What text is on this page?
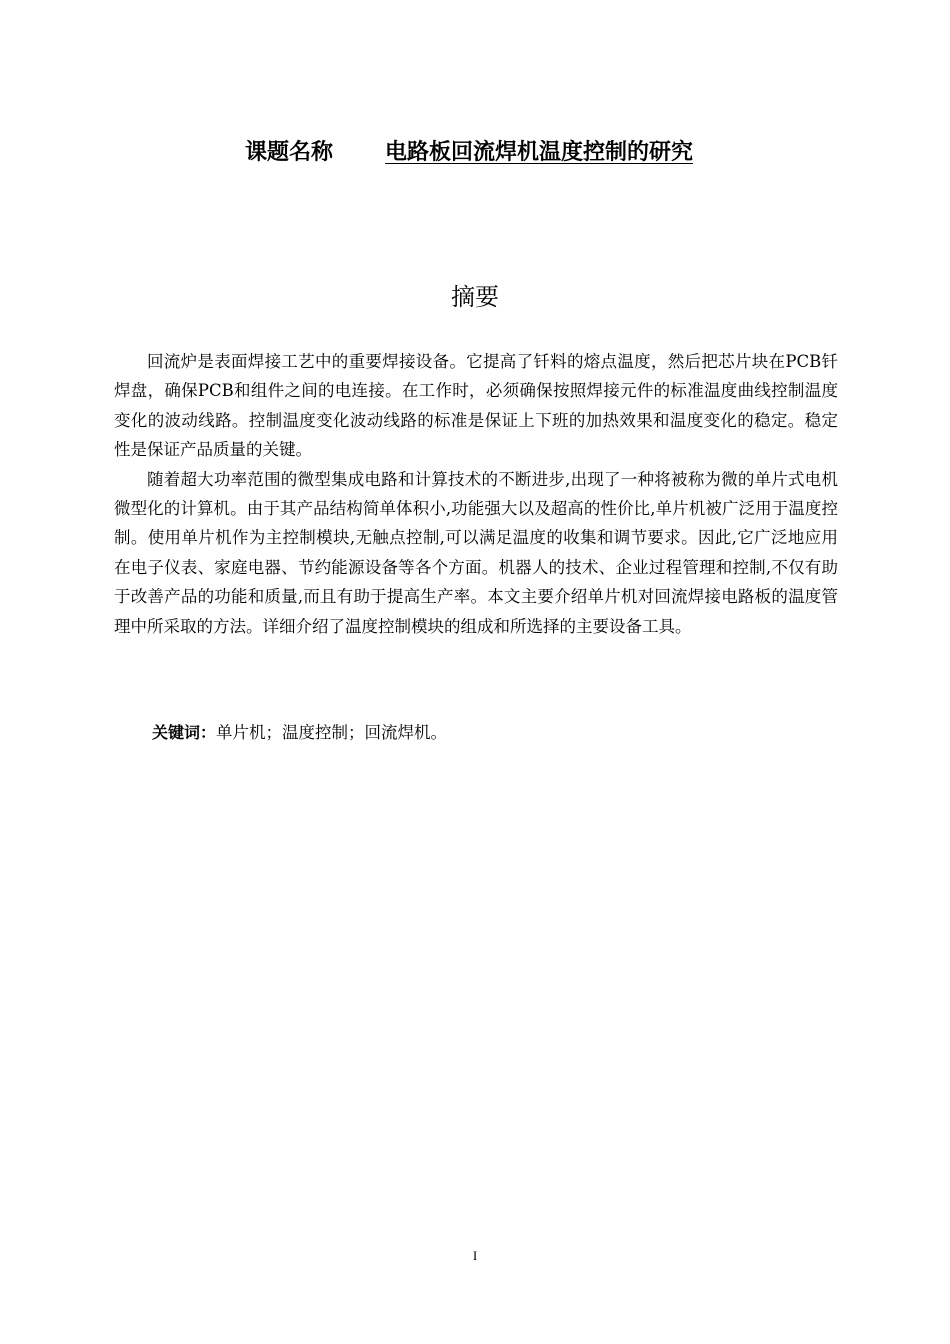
课题名称 电路板回流焊机温度控制的研究
摘要

回流炉是表面焊接工艺中的重要焊接设备。它提高了钎料的熔点温度，然后把芯片块在PCB钎焊盘，确保PCB和组件之间的电连接。在工作时，必须确保按照焊接元件的标准温度曲线控制温度变化的波动线路。控制温度变化波动线路的标准是保证上下班的加热效果和温度变化的稳定。稳定性是保证产品质量的关键。

随着超大功率范围的微型集成电路和计算技术的不断进步,出现了一种将被称为微的单片式电机微型化的计算机。由于其产品结构简单体积小,功能强大以及超高的性价比,单片机被广泛用于温度控制。使用单片机作为主控制模块,无触点控制,可以满足温度的收集和调节要求。因此,它广泛地应用在电子仪表、家庭电器、节约能源设备等各个方面。机器人的技术、企业过程管理和控制,不仅有助于改善产品的功能和质量,而且有助于提高生产率。本文主要介绍单片机对回流焊接电路板的温度管理中所采取的方法。详细介绍了温度控制模块的组成和所选择的主要设备工具。

关键词：单片机；温度控制；回流焊机。
I
